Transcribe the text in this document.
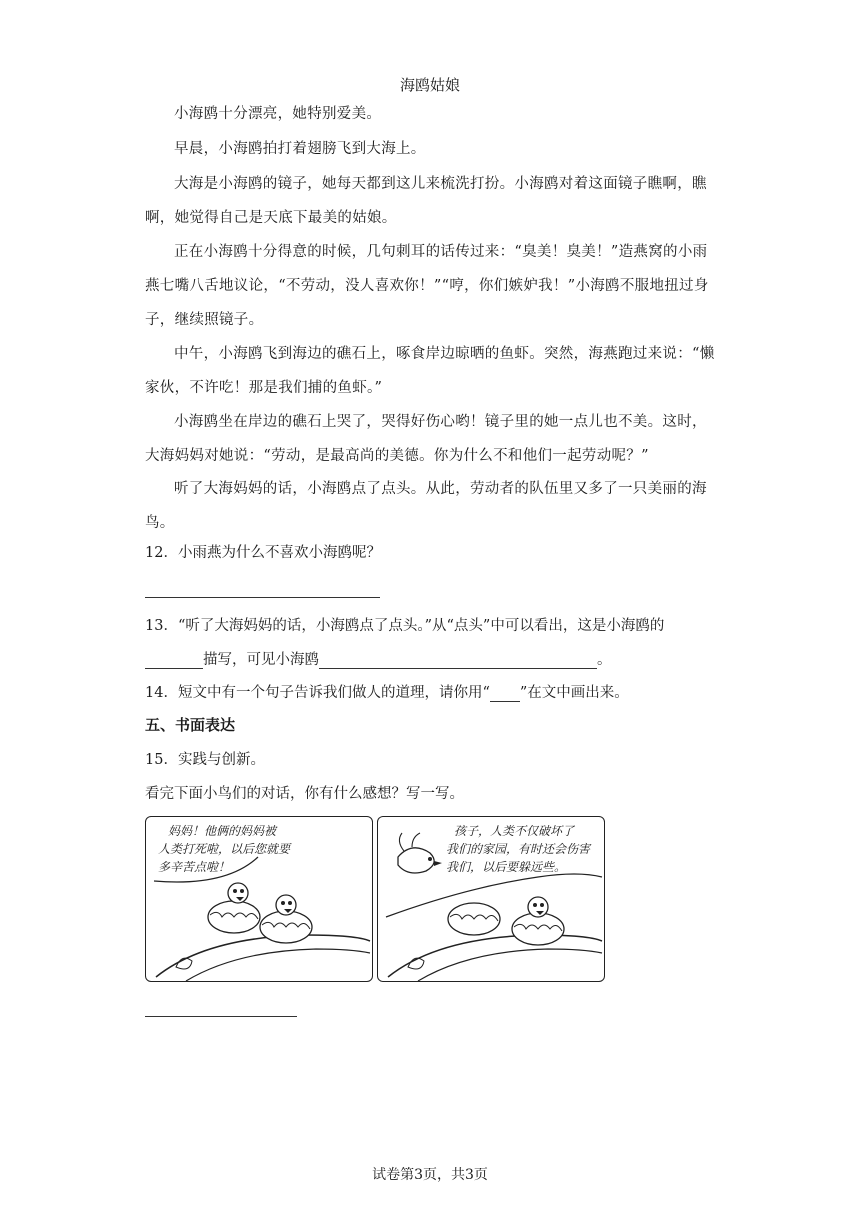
海鸥姑娘
小海鸥十分漂亮，她特别爱美。
早晨，小海鸥拍打着翅膀飞到大海上。
大海是小海鸥的镜子，她每天都到这儿来梳洗打扮。小海鸥对着这面镜子瞧啊，瞧啊，她觉得自己是天底下最美的姑娘。
正在小海鸥十分得意的时候，几句刺耳的话传过来：“臭美！臭美！”造燕窝的小雨燕七嘴八舌地议论，“不劳动，没人喜欢你！”“哼，你们嫉妒我！”小海鸥不服地扭过身子，继续照镜子。
中午，小海鸥飞到海边的礁石上，啄食岸边晾晒的鱼虾。突然，海燕跑过来说：“懒家伙，不许吃！那是我们捕的鱼虾。”
小海鸥坐在岸边的礁石上哭了，哭得好伤心哟！镜子里的她一点儿也不美。这时，大海妈妈对她说：“劳动，是最高尚的美德。你为什么不和他们一起劳动呢？”
听了大海妈妈的话，小海鸥点了点头。从此，劳动者的队伍里又多了一只美丽的海鸟。
12．小雨燕为什么不喜欢小海鸥呢？
13．“听了大海妈妈的话，小海鸥点了点头。”从“点头”中可以看出，这是小海鸥的
描写，可见小海鸥	。
14．短文中有一个句子告诉我们做人的道理，请你用“ ”在文中画出来。
五、书面表达
15．实践与创新。
看完下面小鸟们的对话，你有什么感想？写一写。
妈妈！他俩的妈妈被
人类打死啦，以后您就要
多辛苦点啦！
孩子，人类不仅破坏了
我们的家园，有时还会伤害
我们，以后要躲远些。
试卷第3页，共3页
